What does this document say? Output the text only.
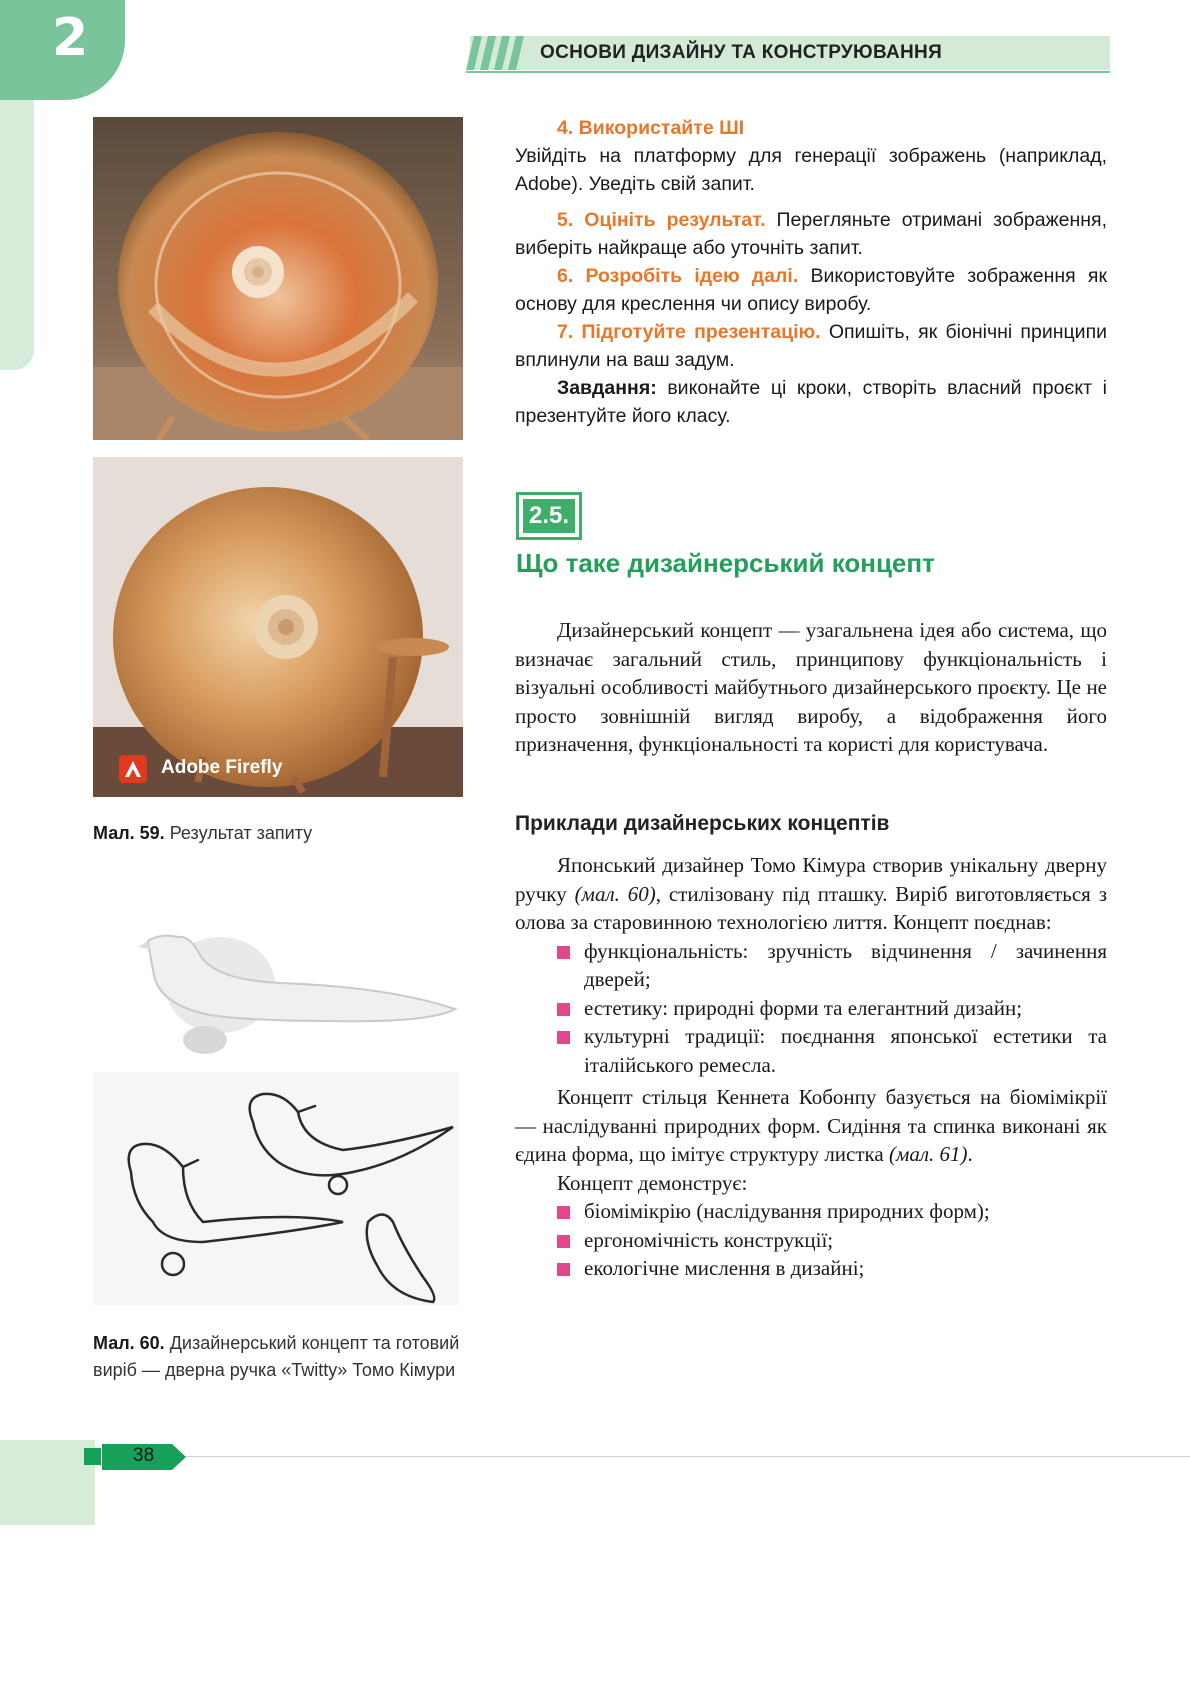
2	ОСНОВИ ДИЗАЙНУ ТА КОНСТРУЮВАННЯ
Adobe Firefly
Мал. 59. Результат запиту
Мал. 60. Дизайнерський концепт та готовий виріб — дверна ручка «Twitty» Томо Кімури
4. Використайте ШІ
Увійдіть на платформу для генерації зображень (наприклад, Adobe). Уведіть свій запит.
5. Оцініть результат. Перегляньте отримані зображення, виберіть найкраще або уточніть запит.
6. Розробіть ідею далі. Використовуйте зображення як основу для креслення чи опису виробу.
7. Підготуйте презентацію. Опишіть, як біонічні принципи вплинули на ваш задум.
Завдання: виконайте ці кроки, створіть власний проєкт і презентуйте його класу.
2.5.
Що таке дизайнерський концепт
Дизайнерський концепт — узагальнена ідея або система, що визначає загальний стиль, принципову функціональність і візуальні особливості майбутнього дизайнерського проєкту. Це не просто зовнішній вигляд виробу, а відображення його призначення, функціональності та користі для користувача.
Приклади дизайнерських концептів
Японський дизайнер Томо Кімура створив унікальну дверну ручку (мал. 60), стилізовану під пташку. Виріб виготовляється з олова за старовинною технологією лиття. Концепт поєднав:
функціональність: зручність відчинення / зачинення дверей;
естетику: природні форми та елегантний дизайн;
культурні традиції: поєднання японської естетики та італійського ремесла.
Концепт стільця Кеннета Кобонпу базується на біомімікрії — наслідуванні природних форм. Сидіння та спинка виконані як єдина форма, що імітує структуру листка (мал. 61).
Концепт демонструє:
біомімікрію (наслідування природних форм);
ергономічність конструкції;
екологічне мислення в дизайні;
38
